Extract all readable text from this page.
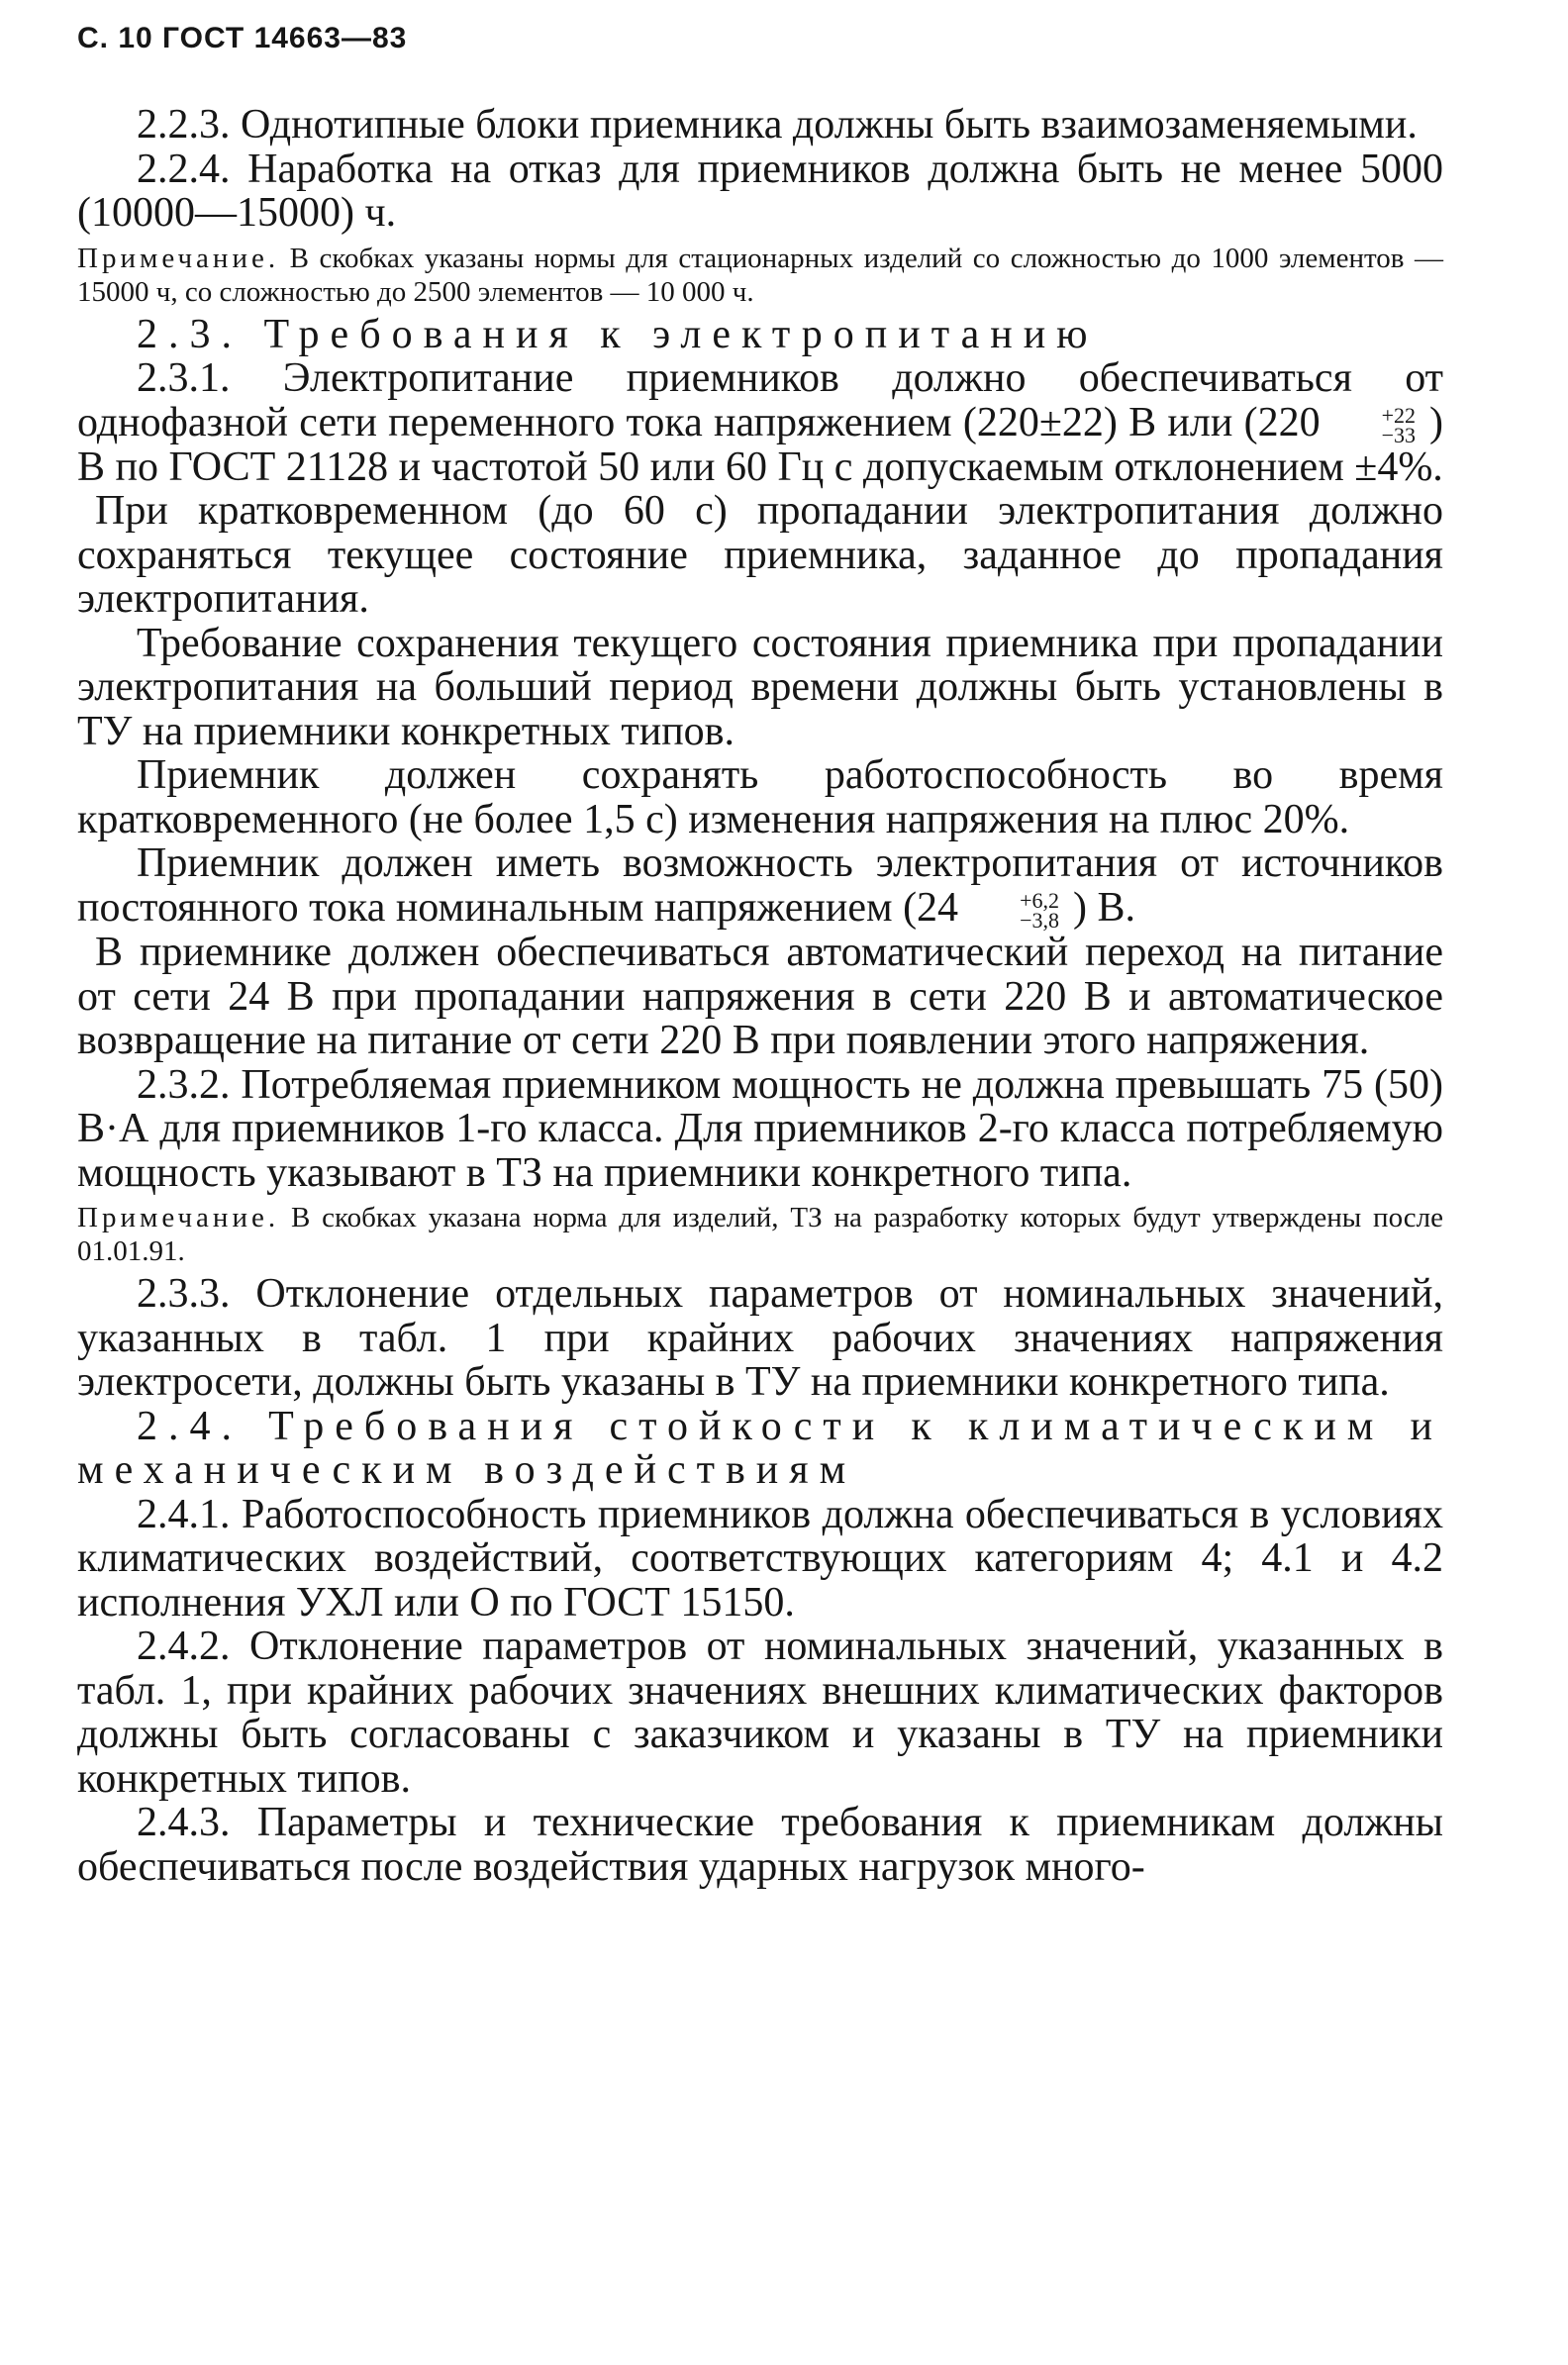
С. 10 ГОСТ 14663—83

2.2.3. Однотипные блоки приемника должны быть взаимозаменяемыми.

2.2.4. Наработка на отказ для приемников должна быть не менее 5000 (10000—15000) ч.

Примечание. В скобках указаны нормы для стационарных изделий со сложностью до 1000 элементов — 15000 ч, со сложностью до 2500 элементов — 10 000 ч.

2.3. Требования к электропитанию

2.3.1. Электропитание приемников должно обеспечиваться от однофазной сети переменного тока напряжением (220±22) В или (220	+22
−33 ) В по ГОСТ 21128 и частотой 50 или 60 Гц с допускаемым отклонением ±4%.

При кратковременном (до 60 с) пропадании электропитания должно сохраняться текущее состояние приемника, заданное до пропадания электропитания.

Требование сохранения текущего состояния приемника при пропадании электропитания на больший период времени должны быть установлены в ТУ на приемники конкретных типов.

Приемник должен сохранять работоспособность во время кратковременного (не более 1,5 с) изменения напряжения на плюс 20%.

Приемник должен иметь возможность электропитания от источников постоянного тока номинальным напряжением (24	+6,2
−3,8 ) В.

В приемнике должен обеспечиваться автоматический переход на питание от сети 24 В при пропадании напряжения в сети 220 В и автоматическое возвращение на питание от сети 220 В при появлении этого напряжения.

2.3.2. Потребляемая приемником мощность не должна превышать 75 (50) В·А для приемников 1-го класса. Для приемников 2-го класса потребляемую мощность указывают в ТЗ на приемники конкретного типа.

Примечание. В скобках указана норма для изделий, ТЗ на разработку которых будут утверждены после 01.01.91.

2.3.3. Отклонение отдельных параметров от номинальных значений, указанных в табл. 1 при крайних рабочих значениях напряжения электросети, должны быть указаны в ТУ на приемники конкретного типа.

2.4. Требования стойкости к климатическим и механическим воздействиям

2.4.1. Работоспособность приемников должна обеспечиваться в условиях климатических воздействий, соответствующих категориям 4; 4.1 и 4.2 исполнения УХЛ или О по ГОСТ 15150.

2.4.2. Отклонение параметров от номинальных значений, указанных в табл. 1, при крайних рабочих значениях внешних климатических факторов должны быть согласованы с заказчиком и указаны в ТУ на приемники конкретных типов.

2.4.3. Параметры и технические требования к приемникам должны обеспечиваться после воздействия ударных нагрузок много-
